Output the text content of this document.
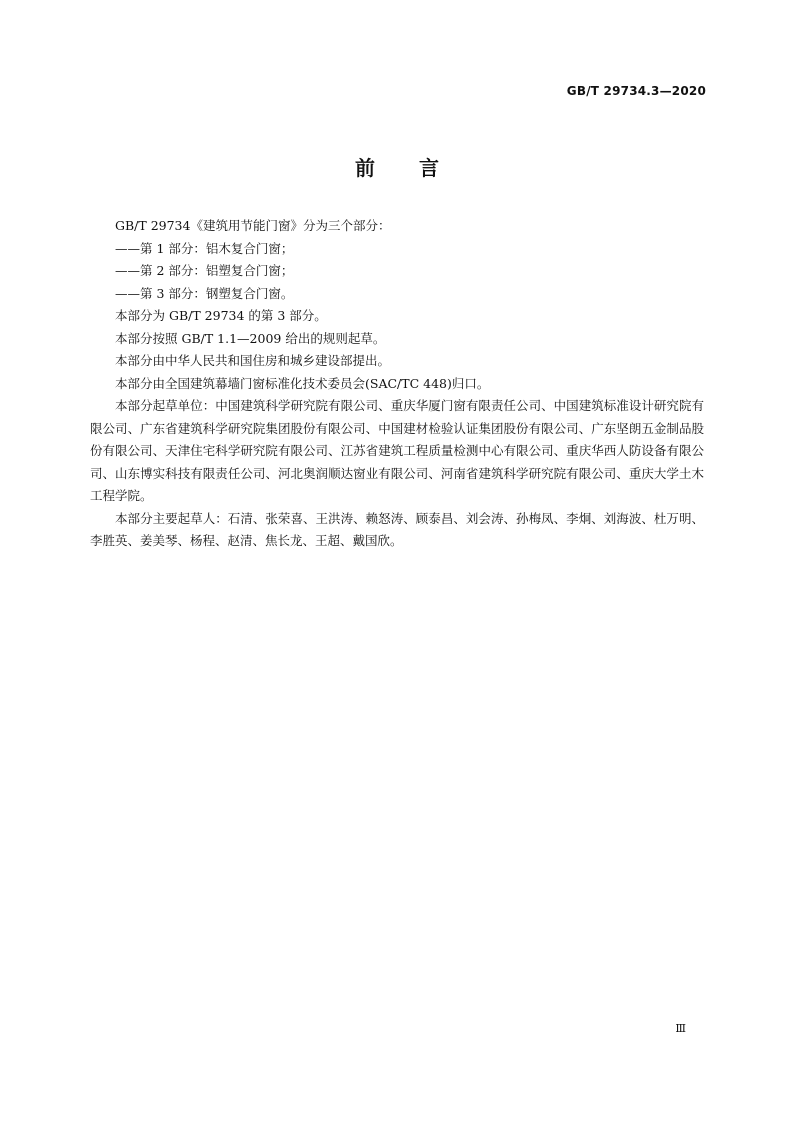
GB/T 29734.3—2020
前言

GB/T 29734《建筑用节能门窗》分为三个部分：

——第 1 部分：铝木复合门窗；

——第 2 部分：铝塑复合门窗；

——第 3 部分：钢塑复合门窗。

本部分为 GB/T 29734 的第 3 部分。

本部分按照 GB/T 1.1—2009 给出的规则起草。

本部分由中华人民共和国住房和城乡建设部提出。

本部分由全国建筑幕墙门窗标准化技术委员会(SAC/TC 448)归口。

本部分起草单位：中国建筑科学研究院有限公司、重庆华厦门窗有限责任公司、中国建筑标准设计研究院有限公司、广东省建筑科学研究院集团股份有限公司、中国建材检验认证集团股份有限公司、广东坚朗五金制品股份有限公司、天津住宅科学研究院有限公司、江苏省建筑工程质量检测中心有限公司、重庆华西人防设备有限公司、山东博实科技有限责任公司、河北奥润顺达窗业有限公司、河南省建筑科学研究院有限公司、重庆大学土木工程学院。

本部分主要起草人：石清、张荣喜、王洪涛、赖怒涛、顾泰昌、刘会涛、孙梅凤、李炯、刘海波、杜万明、李胜英、姜美琴、杨程、赵清、焦长龙、王超、戴国欣。

Ⅲ
